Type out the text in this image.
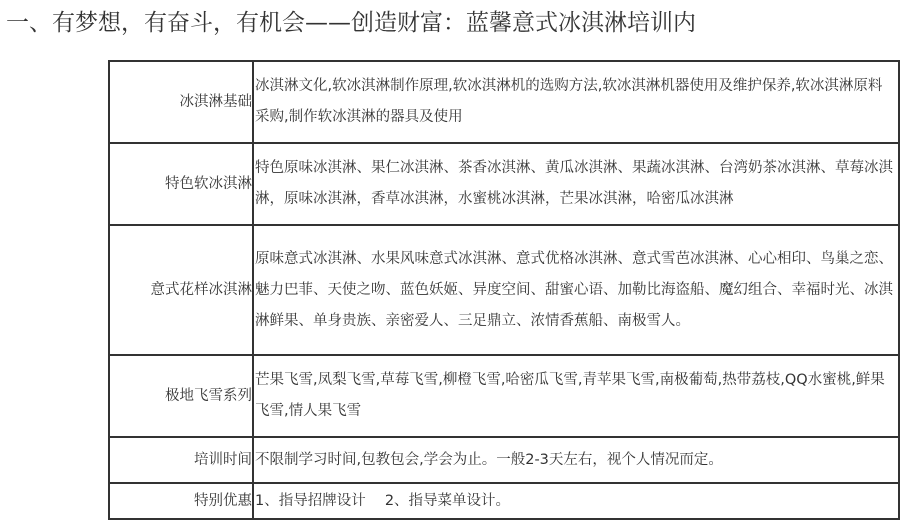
一、有梦想，有奋斗，有机会——创造财富：蓝馨意式冰淇淋培训内
冰淇淋基础	冰淇淋文化,软冰淇淋制作原理,软冰淇淋机的选购方法,软冰淇淋机器使用及维护保养,软冰淇淋原料采购,制作软冰淇淋的器具及使用
特色软冰淇淋	特色原味冰淇淋、果仁冰淇淋、茶香冰淇淋、黄瓜冰淇淋、果蔬冰淇淋、台湾奶茶冰淇淋、草莓冰淇淋，原味冰淇淋，香草冰淇淋，水蜜桃冰淇淋，芒果冰淇淋，哈密瓜冰淇淋
意式花样冰淇淋	原味意式冰淇淋、水果风味意式冰淇淋、意式优格冰淇淋、意式雪芭冰淇淋、心心相印、鸟巢之恋、魅力巴菲、天使之吻、蓝色妖姬、异度空间、甜蜜心语、加勒比海盗船、魔幻组合、幸福时光、冰淇淋鲜果、单身贵族、亲密爱人、三足鼎立、浓情香蕉船、南极雪人。
极地飞雪系列	芒果飞雪,凤梨飞雪,草莓飞雪,柳橙飞雪,哈密瓜飞雪,青苹果飞雪,南极葡萄,热带荔枝,QQ水蜜桃,鲜果飞雪,情人果飞雪
培训时间	不限制学习时间,包教包会,学会为止。一般2-3天左右，视个人情况而定。
特别优惠	1、指导招牌设计　 2、指导菜单设计。
